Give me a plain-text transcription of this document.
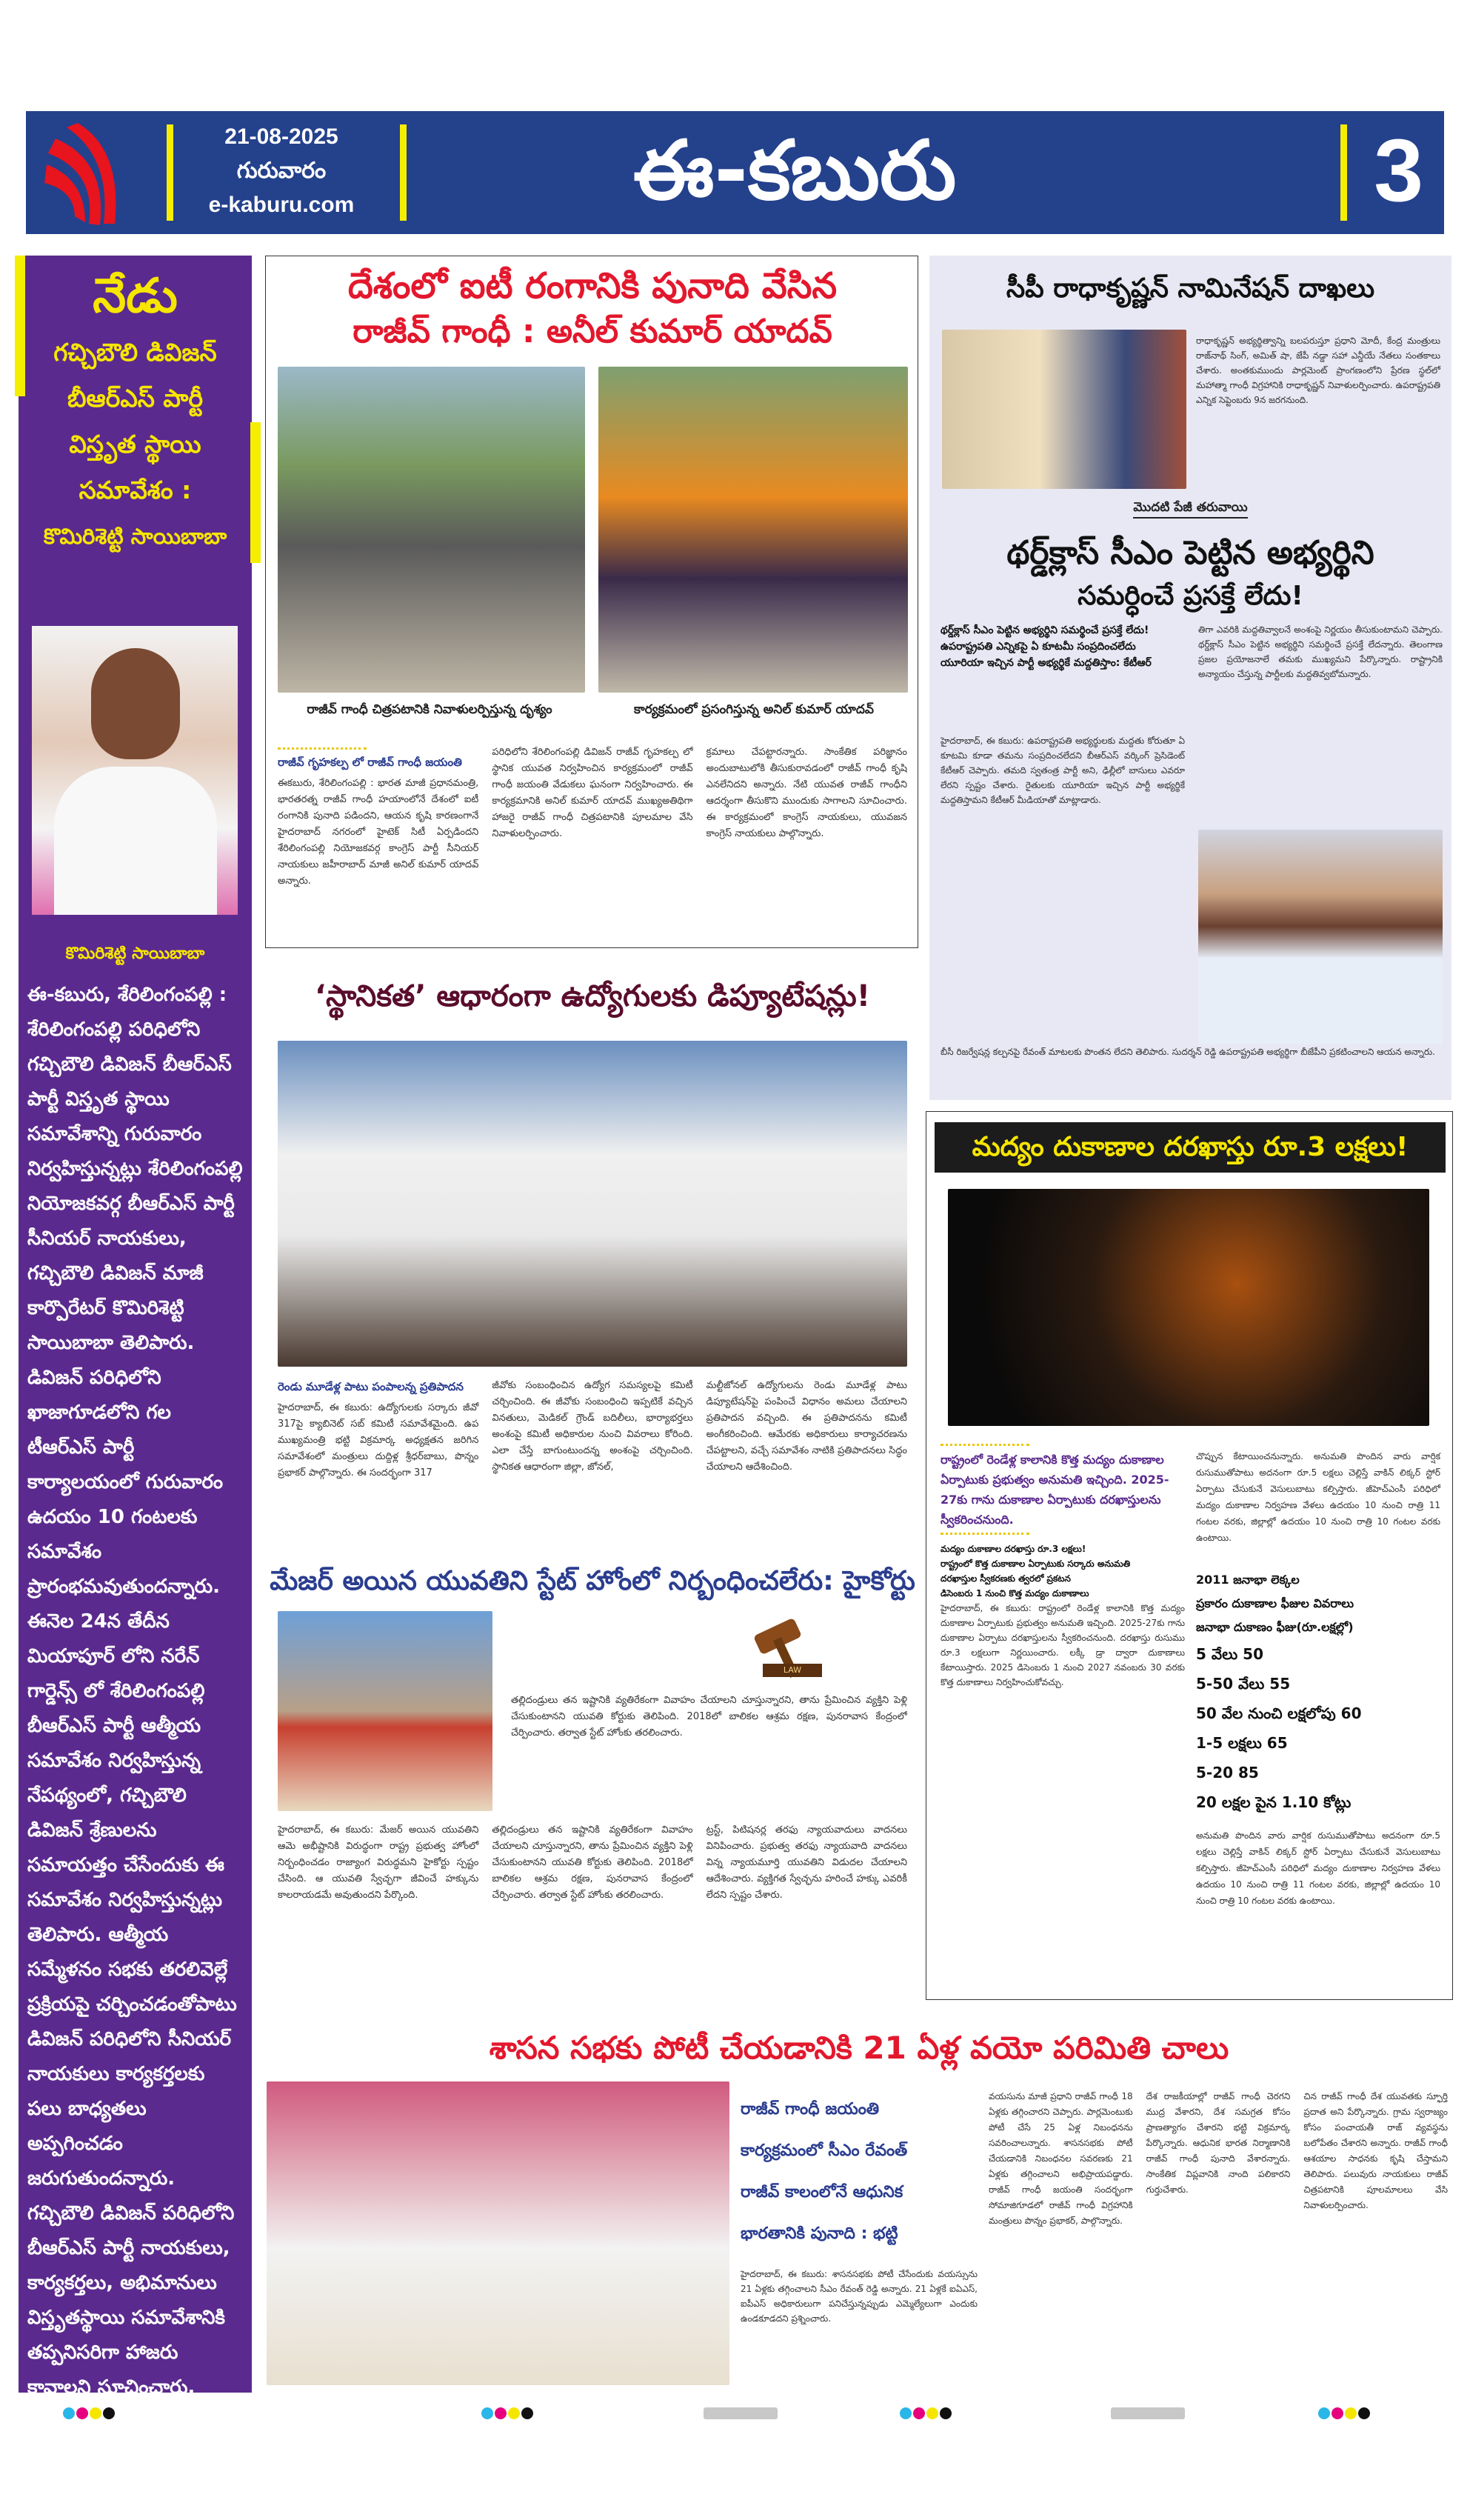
21-08-2025
గురువారం
e-kaburu.com	ఈ-కబురు	3
నేడు
గచ్చిబౌలి డివిజన్
బీఆర్ఎస్ పార్టీ
విస్తృత స్థాయి
సమావేశం :
కొమిరిశెట్టి సాయిబాబా
కొమిరిశెట్టి సాయిబాబా
ఈ-కబురు, శేరిలింగంపల్లి : శేరిలింగంపల్లి పరిధిలోని గచ్చిబౌలి డివిజన్ బీఆర్ఎస్ పార్టీ విస్తృత స్థాయి సమావేశాన్ని గురువారం నిర్వహిస్తున్నట్లు శేరిలింగంపల్లి నియోజకవర్గ బీఆర్ఎస్ పార్టీ సీనియర్ నాయకులు, గచ్చిబౌలి డివిజన్ మాజీ కార్పొరేటర్ కొమిరిశెట్టి సాయిబాబా తెలిపారు. డివిజన్ పరిధిలోని ఖాజాగూడలోని గల టీఆర్ఎస్ పార్టీ కార్యాలయంలో గురువారం ఉదయం 10 గంటలకు సమావేశం ప్రారంభమవుతుందన్నారు. ఈనెల 24న తేదీన మియాపూర్ లోని నరేన్ గార్డెన్స్ లో శేరిలింగంపల్లి బీఆర్ఎస్ పార్టీ ఆత్మీయ సమావేశం నిర్వహిస్తున్న నేపథ్యంలో, గచ్చిబౌలి డివిజన్ శ్రేణులను సమాయత్తం చేసేందుకు ఈ సమావేశం నిర్వహిస్తున్నట్లు తెలిపారు. ఆత్మీయ సమ్మేళనం సభకు తరలివెల్లే ప్రక్రియపై చర్చించడంతోపాటు డివిజన్ పరిధిలోని సీనియర్ నాయకులు కార్యకర్తలకు పలు బాధ్యతలు అప్పగించడం జరుగుతుందన్నారు. గచ్చిబౌలి డివిజన్ పరిధిలోని బీఆర్ఎస్ పార్టీ నాయకులు, కార్యకర్తలు, అభిమానులు విస్తృతస్థాయి సమావేశానికి తప్పనిసరిగా హాజరు కావాలని సూచించారు.
దేశంలో ఐటీ రంగానికి పునాది వేసిన
రాజీవ్ గాంధీ : అనీల్ కుమార్ యాదవ్
రాజీవ్ గాంధీ చిత్రపటానికి నివాళులర్పిస్తున్న దృశ్యం	కార్యక్రమంలో ప్రసంగిస్తున్న అనిల్ కుమార్ యాదవ్
రాజీవ్ గృహకల్ప లో రాజీవ్ గాంధీ జయంతి
ఈకబురు, శేరిలింగంపల్లి : భారత మాజీ ప్రధానమంత్రి, భారతరత్న రాజీవ్ గాంధీ హయాంలోనే దేశంలో ఐటీ రంగానికి పునాది పడిందని, ఆయన కృషి కారణంగానే హైదరాబాద్ నగరంలో హైటెక్ సిటీ ఏర్పడిందని శేరిలింగంపల్లి నియోజకవర్గ కాంగ్రెస్ పార్టీ సీనియర్ నాయకులు జహీరాబాద్ మాజీ అనిల్ కుమార్ యాదవ్ అన్నారు.
పరిధిలోని శేరిలింగంపల్లి డివిజన్ రాజీవ్ గృహకల్ప లో స్థానిక యువత నిర్వహించిన కార్యక్రమంలో రాజీవ్ గాంధీ జయంతి వేడుకలు ఘనంగా నిర్వహించారు. ఈ కార్యక్రమానికి అనిల్ కుమార్ యాదవ్ ముఖ్యఅతిథిగా హాజరై రాజీవ్ గాంధీ చిత్రపటానికి పూలమాల వేసి నివాళులర్పించారు.
క్రమాలు చేపట్టారన్నారు. సాంకేతిక పరిజ్ఞానం అందుబాటులోకి తీసుకురావడంలో రాజీవ్ గాంధీ కృషి ఎనలేనిదని అన్నారు. నేటి యువత రాజీవ్ గాంధీని ఆదర్శంగా తీసుకొని ముందుకు సాగాలని సూచించారు. ఈ కార్యక్రమంలో కాంగ్రెస్ నాయకులు, యువజన కాంగ్రెస్ నాయకులు పాల్గొన్నారు.
‘స్థానికత’ ఆధారంగా ఉద్యోగులకు డిప్యూటేషన్లు!
రెండు మూడేళ్ల పాటు పంపాలన్న ప్రతిపాదన
హైదరాబాద్, ఈ కబురు: ఉద్యోగులకు సర్కారు జీవో 317పై క్యాబినెట్ సబ్ కమిటీ సమావేశమైంది. ఉప ముఖ్యమంత్రి భట్టి విక్రమార్క అధ్యక్షతన జరిగిన సమావేశంలో మంత్రులు దుద్దిళ్ల శ్రీధర్‌బాబు, పొన్నం ప్రభాకర్ పాల్గొన్నారు. ఈ సందర్భంగా 317
జీవోకు సంబంధించిన ఉద్యోగ సమస్యలపై కమిటీ చర్చించింది. ఈ జీవోకు సంబంధించి ఇప్పటికే వచ్చిన వినతులు, మెడికల్ గ్రౌండ్ బదిలీలు, భార్యాభర్తలు అంశంపై కమిటీ అధికారుల నుంచి వివరాలు కోరింది. ఎలా చేస్తే బాగుంటుందన్న అంశంపై చర్చించింది. స్థానికత ఆధారంగా జిల్లా, జోనల్,
మల్టీజోనల్ ఉద్యోగులను రెండు మూడేళ్ల పాటు డిప్యూటేషన్‌పై పంపించే విధానం అమలు చేయాలని ప్రతిపాదన వచ్చింది. ఈ ప్రతిపాదనను కమిటీ అంగీకరించింది. ఆమేరకు అధికారులు కార్యాచరణను చేపట్టాలని, వచ్చే సమావేశం నాటికి ప్రతిపాదనలు సిద్ధం చేయాలని ఆదేశించింది.
మేజర్ అయిన యువతిని స్టేట్ హోంలో నిర్బంధించలేరు: హైకోర్టు
LAW
హైదరాబాద్, ఈ కబురు: మేజర్ అయిన యువతిని ఆమె అభీష్టానికి విరుద్ధంగా రాష్ట్ర ప్రభుత్వ హోంలో నిర్బంధించడం రాజ్యాంగ విరుద్ధమని హైకోర్టు స్పష్టం చేసింది. ఆ యువతి స్వేచ్ఛగా జీవించే హక్కును కాలరాయడమే అవుతుందని పేర్కొంది.
తల్లిదండ్రులు తన ఇష్టానికి వ్యతిరేకంగా వివాహం చేయాలని చూస్తున్నారని, తాను ప్రేమించిన వ్యక్తిని పెళ్లి చేసుకుంటానని యువతి కోర్టుకు తెలిపింది. 2018లో బాలికల ఆశ్రమ రక్షణ, పునరావాస కేంద్రంలో చేర్పించారు. తర్వాత స్టేట్ హోంకు తరలించారు.
ట్రస్ట్, పిటిషనర్ల తరఫు న్యాయవాదులు వాదనలు వినిపించారు. ప్రభుత్వ తరఫు న్యాయవాది వాదనలు విన్న న్యాయమూర్తి యువతిని విడుదల చేయాలని ఆదేశించారు. వ్యక్తిగత స్వేచ్ఛను హరించే హక్కు ఎవరికీ లేదని స్పష్టం చేశారు.
తల్లిదండ్రులు తన ఇష్టానికి వ్యతిరేకంగా వివాహం చేయాలని చూస్తున్నారని, తాను ప్రేమించిన వ్యక్తిని పెళ్లి చేసుకుంటానని యువతి కోర్టుకు తెలిపింది. 2018లో బాలికల ఆశ్రమ రక్షణ, పునరావాస కేంద్రంలో చేర్పించారు. తర్వాత స్టేట్ హోంకు తరలించారు.
సీపీ రాధాకృష్ణన్ నామినేషన్ దాఖలు
రాధాకృష్ణన్ అభ్యర్థిత్వాన్ని బలపరుస్తూ ప్రధాని మోదీ, కేంద్ర మంత్రులు రాజ్‌నాథ్ సింగ్, అమిత్ షా, జేపీ నడ్డా సహా ఎన్డీయే నేతలు సంతకాలు చేశారు. అంతకుముందు పార్లమెంట్ ప్రాంగణంలోని ప్రేరణ స్థల్‌లో మహాత్మా గాంధీ విగ్రహానికి రాధాకృష్ణన్ నివాళులర్పించారు. ఉపరాష్ట్రపతి ఎన్నిక సెప్టెంబరు 9న జరగనుంది.
మొదటి పేజీ తరువాయి
థర్డ్‌క్లాస్ సీఎం పెట్టిన అభ్యర్థిని
సమర్ధించే ప్రసక్తే లేదు!
థర్డ్‌క్లాస్ సీఎం పెట్టిన అభ్యర్థిని సమర్థించే ప్రసక్తే లేదు!
ఉపరాష్ట్రపతి ఎన్నికపై ఏ కూటమీ సంప్రదించలేదు
యూరియా ఇచ్చిన పార్టీ అభ్యర్థికే మద్దతిస్తాం: కేటీఆర్
హైదరాబాద్, ఈ కబురు: ఉపరాష్ట్రపతి అభ్యర్థులకు మద్దతు కోరుతూ ఏ కూటమి కూడా తమను సంప్రదించలేదని బీఆర్ఎస్ వర్కింగ్ ప్రెసిడెంట్ కేటీఆర్ చెప్పారు. తమది స్వతంత్ర పార్టీ అని, ఢిల్లీలో బాసులు ఎవరూ లేరని స్పష్టం చేశారు. రైతులకు యూరియా ఇచ్చిన పార్టీ అభ్యర్థికే మద్దతిస్తామని కేటీఆర్ మీడియాతో మాట్లాడారు.
తిగా ఎవరికి మద్దతివ్వాలనే అంశంపై నిర్ణయం తీసుకుంటామని చెప్పారు. థర్డ్‌క్లాస్ సీఎం పెట్టిన అభ్యర్థిని సమర్థించే ప్రసక్తే లేదన్నారు. తెలంగాణ ప్రజల ప్రయోజనాలే తమకు ముఖ్యమని పేర్కొన్నారు. రాష్ట్రానికి అన్యాయం చేస్తున్న పార్టీలకు మద్దతివ్వబోమన్నారు.
బీసీ రిజర్వేషన్ల కల్పనపై రేవంత్ మాటలకు పొంతన లేదని తెలిపారు. సుదర్శన్ రెడ్డి ఉపరాష్ట్రపతి అభ్యర్థిగా బీజేపీని ప్రకటించాలని ఆయన అన్నారు.
మద్యం దుకాణాల దరఖాస్తు రూ.3 లక్షలు!
రాష్ట్రంలో రెండేళ్ల కాలానికి కొత్త మద్యం దుకాణాల ఏర్పాటుకు ప్రభుత్వం అనుమతి ఇచ్చింది. 2025-27కు గాను దుకాణాల ఏర్పాటుకు దరఖాస్తులను స్వీకరించనుంది.
మద్యం దుకాణాల దరఖాస్తు రూ.3 లక్షలు!
రాష్ట్రంలో కొత్త దుకాణాల ఏర్పాటుకు సర్కారు అనుమతి
దరఖాస్తుల స్వీకరణకు త్వరలో ప్రకటన
డిసెంబరు 1 నుంచి కొత్త మద్యం దుకాణాలు
హైదరాబాద్, ఈ కబురు: రాష్ట్రంలో రెండేళ్ల కాలానికి కొత్త మద్యం దుకాణాల ఏర్పాటుకు ప్రభుత్వం అనుమతి ఇచ్చింది. 2025-27కు గాను దుకాణాల ఏర్పాటు దరఖాస్తులను స్వీకరించనుంది. దరఖాస్తు రుసుము రూ.3 లక్షలుగా నిర్ణయించారు. లక్కీ డ్రా ద్వారా దుకాణాలు కేటాయిస్తారు. 2025 డిసెంబరు 1 నుంచి 2027 నవంబరు 30 వరకు కొత్త దుకాణాలు నిర్వహించుకోవచ్చు.
చొప్పున కేటాయించనున్నారు. అనుమతి పొందిన వారు వార్షిక రుసుముతోపాటు అదనంగా రూ.5 లక్షలు చెల్లిస్తే వాకిన్ లిక్కర్ స్టోర్ ఏర్పాటు చేసుకునే వెసులుబాటు కల్పిస్తారు. జీహెచ్ఎంసీ పరిధిలో మద్యం దుకాణాల నిర్వహణ వేళలు ఉదయం 10 నుంచి రాత్రి 11 గంటల వరకు, జిల్లాల్లో ఉదయం 10 నుంచి రాత్రి 10 గంటల వరకు ఉంటాయి.
2011 జనాభా లెక్కల
ప్రకారం దుకాణాల ఫీజుల వివరాలు
జనాభా దుకాణం ఫీజు(రూ.లక్షల్లో)
5 వేలు 50
5-50 వేలు 55
50 వేల నుంచి లక్షలోపు 60
1-5 లక్షలు 65
5-20 85
20 లక్షల పైన 1.10 కోట్లు
అనుమతి పొందిన వారు వార్షిక రుసుముతోపాటు అదనంగా రూ.5 లక్షలు చెల్లిస్తే వాకిన్ లిక్కర్ స్టోర్ ఏర్పాటు చేసుకునే వెసులుబాటు కల్పిస్తారు. జీహెచ్ఎంసీ పరిధిలో మద్యం దుకాణాల నిర్వహణ వేళలు ఉదయం 10 నుంచి రాత్రి 11 గంటల వరకు, జిల్లాల్లో ఉదయం 10 నుంచి రాత్రి 10 గంటల వరకు ఉంటాయి.
శాసన సభకు పోటీ చేయడానికి 21 ఏళ్ల వయో పరిమితి చాలు
రాజీవ్ గాంధీ జయంతి
కార్యక్రమంలో సీఎం రేవంత్
రాజీవ్ కాలంలోనే ఆధునిక
భారతానికి పునాది : భట్టి
హైదరాబాద్, ఈ కబురు: శాసనసభకు పోటీ చేసేందుకు వయస్సును 21 ఏళ్లకు తగ్గించాలని సీఎం రేవంత్ రెడ్డి అన్నారు. 21 ఏళ్లకే ఐఏఎస్, ఐపీఎస్ అధికారులుగా పనిచేస్తున్నప్పుడు ఎమ్మెల్యేలుగా ఎందుకు ఉండకూడదని ప్రశ్నించారు.
వయసును మాజీ ప్రధాని రాజీవ్ గాంధీ 18 ఏళ్లకు తగ్గించారని చెప్పారు. పార్లమెంటుకు పోటీ చేసే 25 ఏళ్ల నిబంధనను సవరించాలన్నారు. శాసనసభకు పోటీ చేయడానికి నిబంధనల సవరణకు 21 ఏళ్లకు తగ్గించాలని అభిప్రాయపడ్డారు. రాజీవ్ గాంధీ జయంతి సందర్భంగా సోమాజిగూడలో రాజీవ్ గాంధీ విగ్రహానికి మంత్రులు పొన్నం ప్రభాకర్, పాల్గొన్నారు.
దేశ రాజకీయాల్లో రాజీవ్ గాంధీ చెరగని ముద్ర వేశారని, దేశ సమగ్రత కోసం ప్రాణత్యాగం చేశారని భట్టి విక్రమార్క పేర్కొన్నారు. ఆధునిక భారత నిర్మాణానికి రాజీవ్ గాంధీ పునాది వేశారన్నారు. సాంకేతిక విప్లవానికి నాంది పలికారని గుర్తుచేశారు.
చిన రాజీవ్ గాంధీ దేశ యువతకు స్ఫూర్తి ప్రదాత అని పేర్కొన్నారు. గ్రామ స్వరాజ్యం కోసం పంచాయతీ రాజ్ వ్యవస్థను బలోపేతం చేశారని అన్నారు. రాజీవ్ గాంధీ ఆశయాల సాధనకు కృషి చేస్తామని తెలిపారు. పలువురు నాయకులు రాజీవ్ చిత్రపటానికి పూలమాలలు వేసి నివాళులర్పించారు.
